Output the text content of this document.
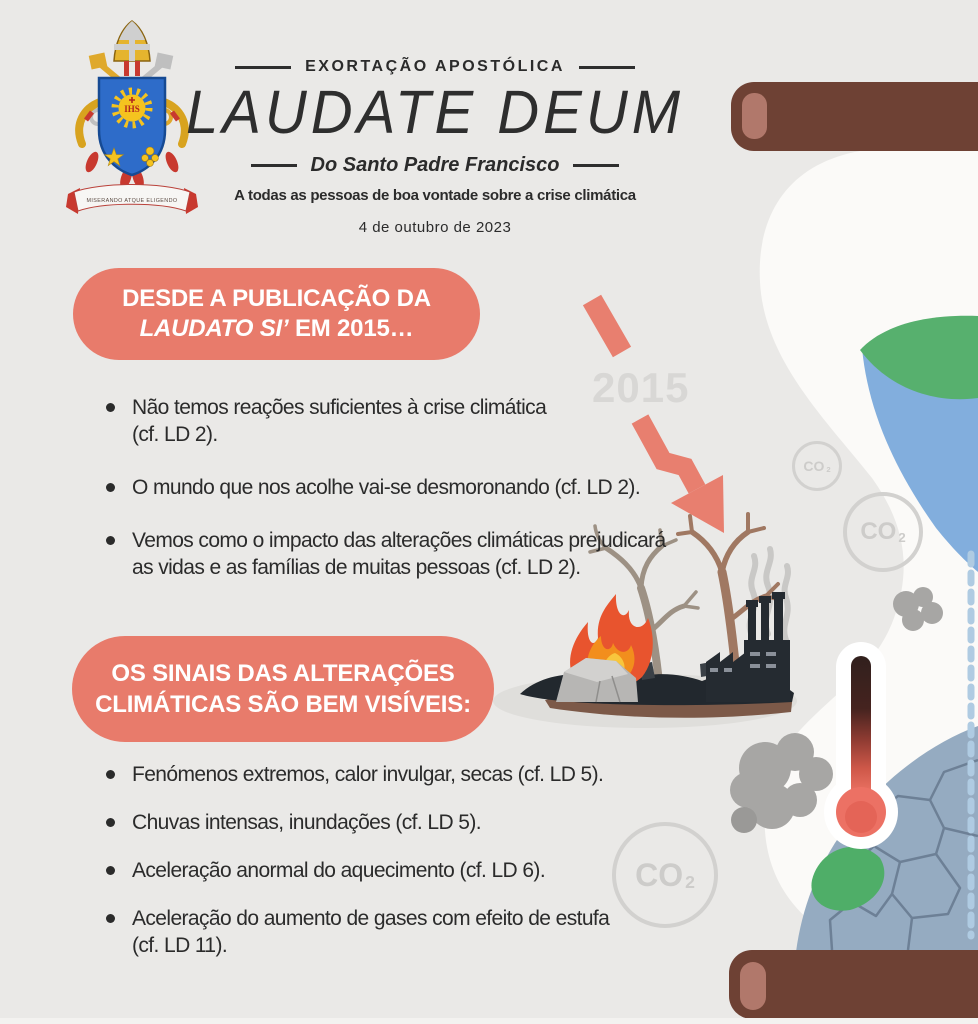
IHS
MISERANDO ATQUE ELIGENDO
EXORTAÇÃO APOSTÓLICA
LAUDATE DEUM
Do Santo Padre Francisco
A todas as pessoas de boa vontade sobre a crise climática
4 de outubro de 2023
DESDE A PUBLICAÇÃO DA
LAUDATO SI’ EM 2015…
Não temos reações suficientes à crise climática
(cf. LD 2).
O mundo que nos acolhe vai-se desmoronando (cf. LD 2).
Vemos como o impacto das alterações climáticas prejudicará
as vidas e as famílias de muitas pessoas (cf. LD 2).
OS SINAIS DAS ALTERAÇÕES
CLIMÁTICAS SÃO BEM VISÍVEIS:
Fenómenos extremos, calor invulgar, secas (cf. LD 5).
Chuvas intensas, inundações (cf. LD 5).
Aceleração anormal do aquecimento (cf. LD 6).
Aceleração do aumento de gases com efeito de estufa
(cf. LD 11).
2015
CO $_2$
$CO_2$
$CO_2$
